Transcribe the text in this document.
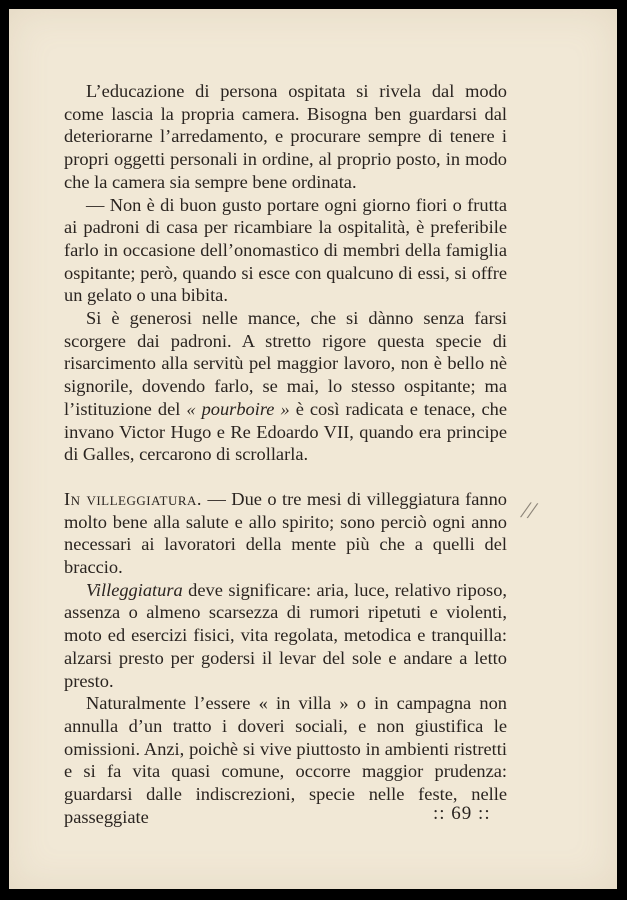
L’educazione di persona ospitata si rivela dal modo come lascia la propria camera. Bisogna ben guardarsi dal deteriorarne l’arredamento, e procurare sempre di tenere i propri oggetti personali in ordine, al proprio posto, in modo che la camera sia sempre bene ordinata.

— Non è di buon gusto portare ogni giorno fiori o frutta ai padroni di casa per ricambiare la ospitalità, è preferibile farlo in occasione dell’onomastico di membri della famiglia ospitante; però, quando si esce con qualcuno di essi, si offre un gelato o una bibita.

Si è generosi nelle mance, che si dànno senza farsi scorgere dai padroni. A stretto rigore questa specie di risarcimento alla servitù pel maggior lavoro, non è bello nè signorile, dovendo farlo, se mai, lo stesso ospitante; ma l’istituzione del « pourboire » è così radicata e tenace, che invano Victor Hugo e Re Edoardo VII, quando era principe di Galles, cercarono di scrollarla.

In villeggiatura. — Due o tre mesi di villeggiatura fanno molto bene alla salute e allo spirito; sono perciò ogni anno necessari ai lavoratori della mente più che a quelli del braccio.

Villeggiatura deve significare: aria, luce, relativo riposo, assenza o almeno scarsezza di rumori ripetuti e violenti, moto ed esercizi fisici, vita regolata, metodica e tranquilla: alzarsi presto per godersi il levar del sole e andare a letto presto.

Naturalmente l’essere « in villa » o in campagna non annulla d’un tratto i doveri sociali, e non giustifica le omissioni. Anzi, poichè si vive piuttosto in ambienti ristretti e si fa vita quasi comune, occorre maggior prudenza: guardarsi dalle indiscrezioni, specie nelle feste, nelle passeggiate

//
:: 69 ::
